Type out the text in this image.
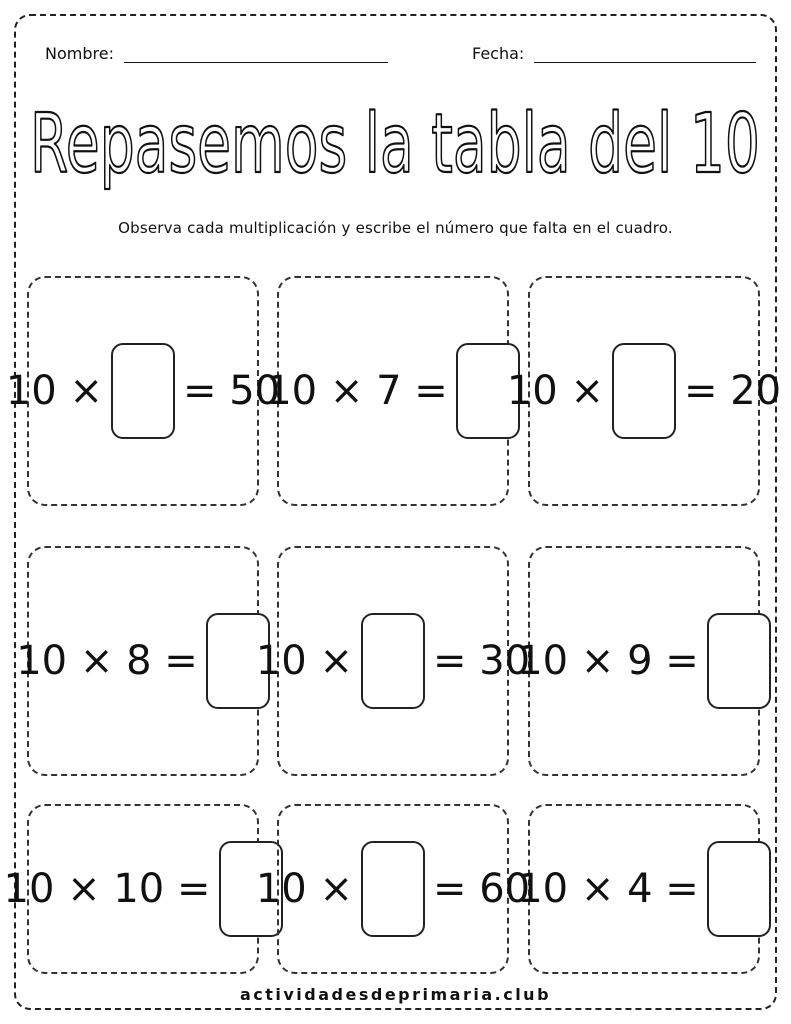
Nombre:	Fecha:
Repasemos la tabla del 10
Observa cada multiplicación y escribe el número que falta en el cuadro.
10 × = 50
10 × 7 = 10 × = 20
10 × 8 = 10 × = 30
10 × 9 =
10 × 10 = 10 × = 60
10 × 4 =
actividadesdeprimaria.club
